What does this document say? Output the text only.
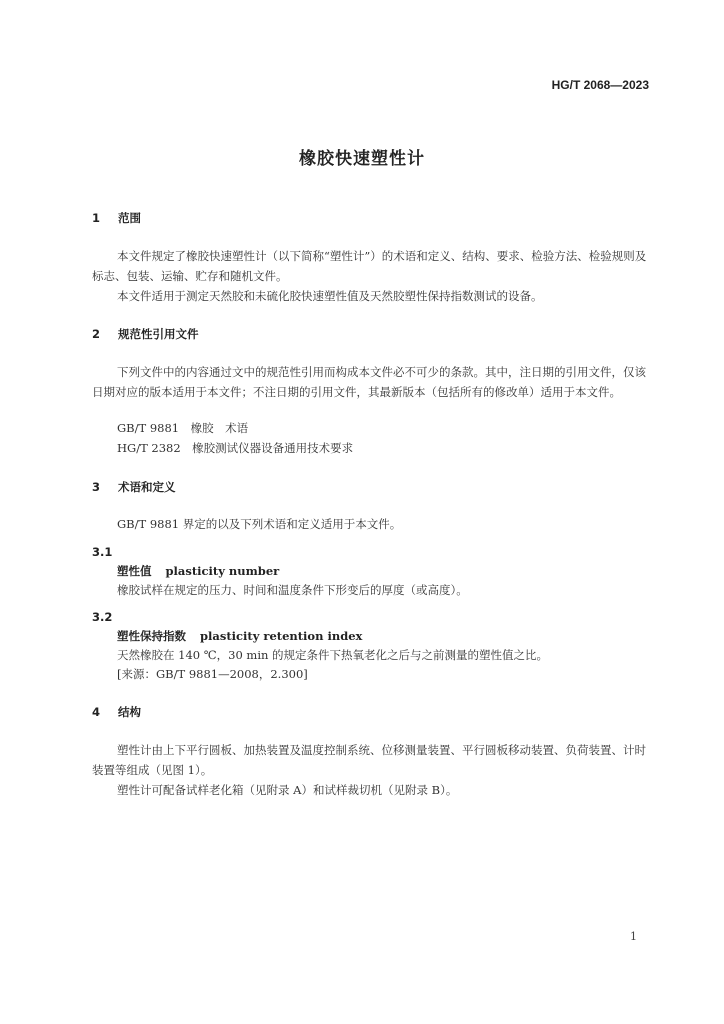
HG/T 2068—2023
橡胶快速塑性计
1 范围
本文件规定了橡胶快速塑性计（以下简称“塑性计”）的术语和定义、结构、要求、检验方法、检验规则及标志、包装、运输、贮存和随机文件。
本文件适用于测定天然胶和未硫化胶快速塑性值及天然胶塑性保持指数测试的设备。
2 规范性引用文件
下列文件中的内容通过文中的规范性引用而构成本文件必不可少的条款。其中，注日期的引用文件，仅该日期对应的版本适用于本文件；不注日期的引用文件，其最新版本（包括所有的修改单）适用于本文件。
GB/T 9881　橡胶　术语
HG/T 2382　橡胶测试仪器设备通用技术要求
3 术语和定义
GB/T 9881 界定的以及下列术语和定义适用于本文件。
3.1
塑性值 plasticity number
橡胶试样在规定的压力、时间和温度条件下形变后的厚度（或高度）。
3.2
塑性保持指数 plasticity retention index
天然橡胶在 140 ℃，30 min 的规定条件下热氧老化之后与之前测量的塑性值之比。
[来源：GB/T 9881—2008，2.300]
4 结构
塑性计由上下平行圆板、加热装置及温度控制系统、位移测量装置、平行圆板移动装置、负荷装置、计时装置等组成（见图 1）。
塑性计可配备试样老化箱（见附录 A）和试样裁切机（见附录 B）。
1
